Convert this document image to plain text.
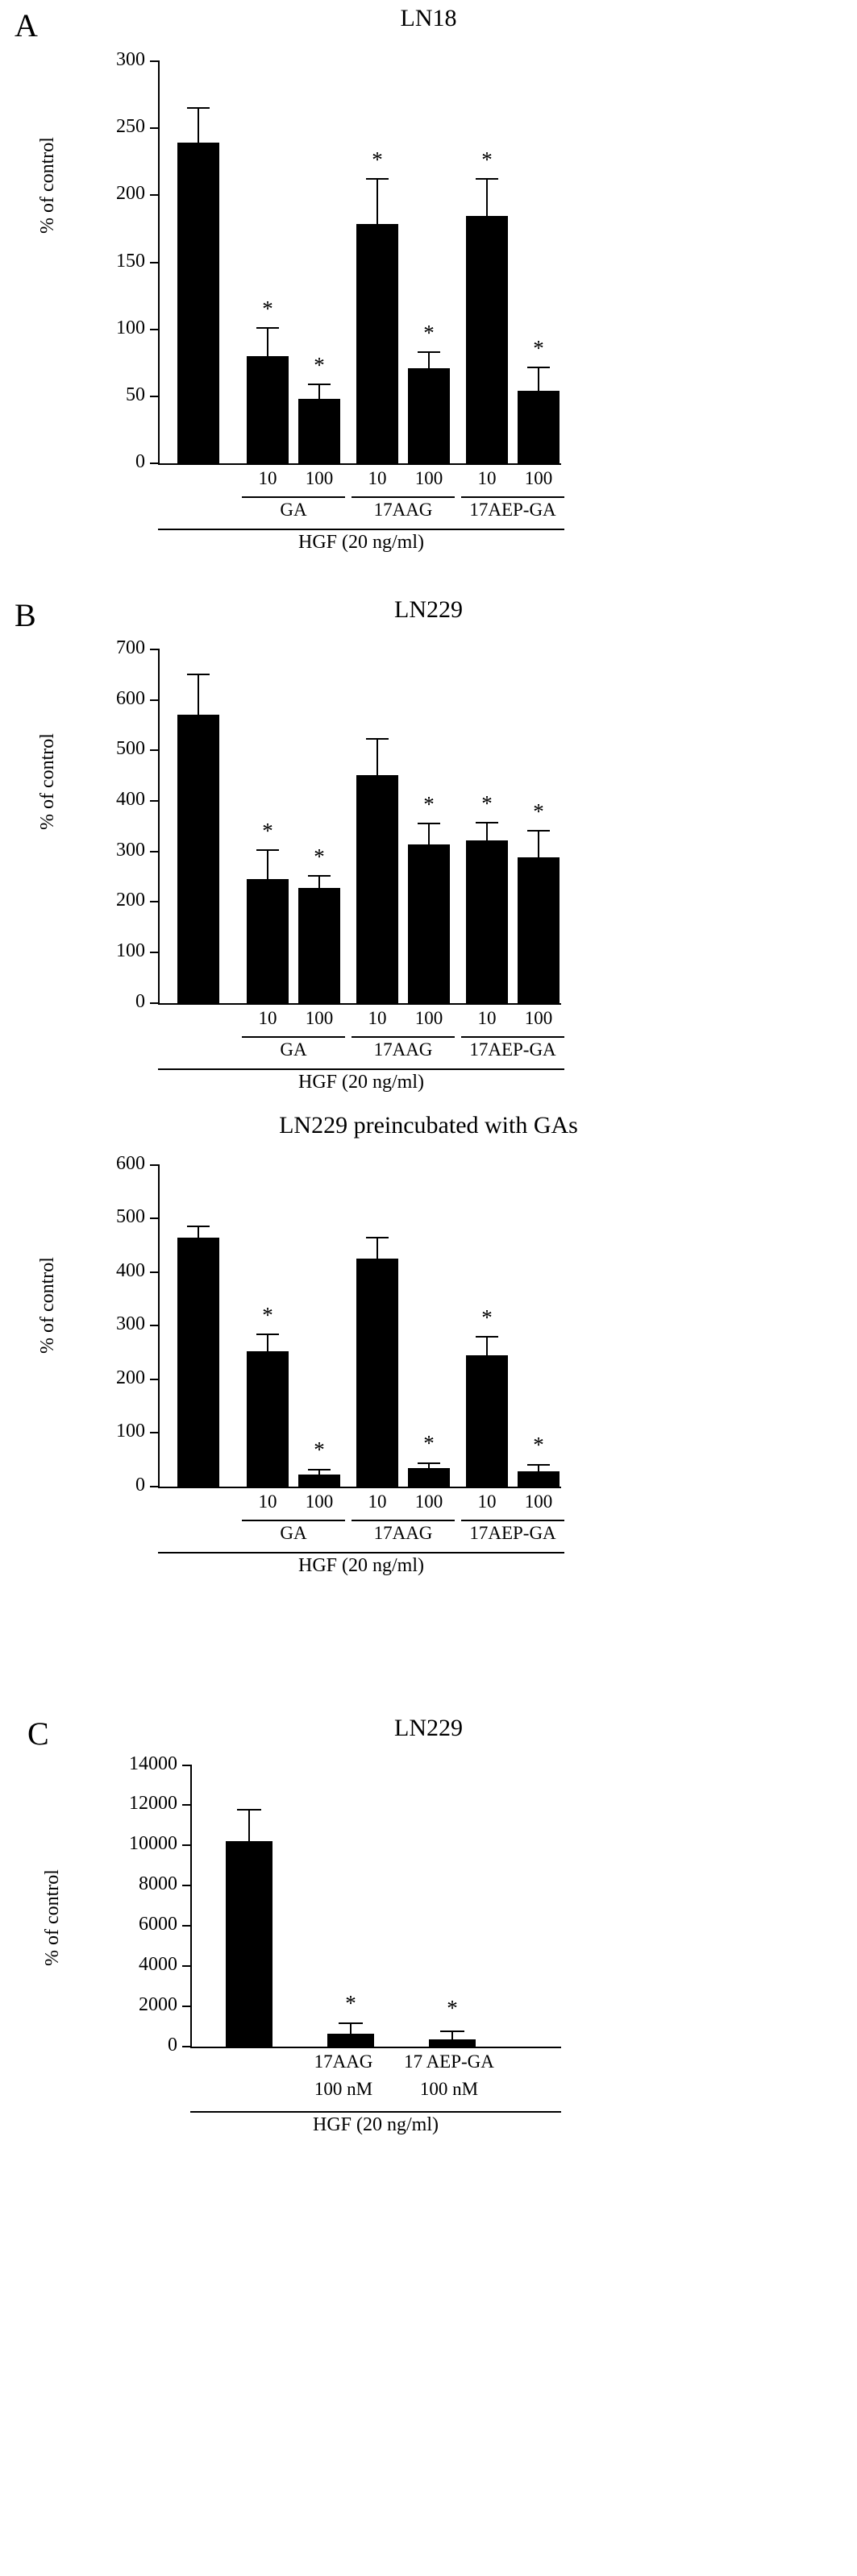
A	LN18
% of control
0
50
100
150
200
250
300
*
*
*
*
*
*
10	100	10	100	10	100
GA	17AAG	17AEP-GA
HGF (20 ng/ml)
B	LN229
% of control
0
100
200
300
400
500
600
700
*
*
*	*	*
10	100	10	100	10	100
GA	17AAG	17AEP-GA
HGF (20 ng/ml)
LN229 preincubated with GAs
% of control
0
100
200
300
400
500
600
*
*	*
*
*
10	100	10	100	10	100
GA	17AAG	17AEP-GA
HGF (20 ng/ml)
C	LN229
% of control
0
2000
4000
6000
8000
10000
12000
14000
*	*
17AAG
100 nM
17 AEP-GA
100 nM
HGF (20 ng/ml)
